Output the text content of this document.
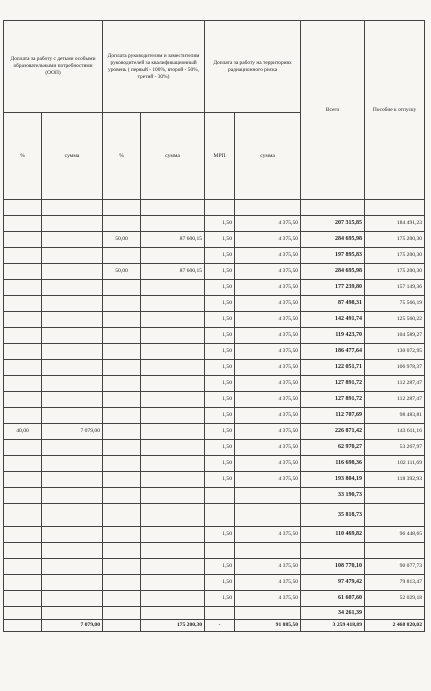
Доплата за работу с детьми особыми образовательными потребностями (ООП)		Доплата руководителям и заместителям руководителей за квалификационный уровень ( первый - 100%, второй - 50%, третий - 30%)		Доплата за работу на территориях радиационного риска		Всего	Пособие к отпуску
%	сумма	%	сумма	МРП	сумма		

				1,50	4 375,50	207 315,85	184 491,23
		50,00	87 600,15	1,50	4 375,50	284 695,98	175 200,30
				1,50	4 375,50	197 895,83	175 200,30
		50,00	87 600,15	1,50	4 375,50	284 695,98	175 200,30
				1,50	4 375,50	177 239,80	157 149,36
				1,50	4 375,50	87 498,31	75 566,19
				1,50	4 375,50	142 491,74	125 560,22
				1,50	4 375,50	119 423,70	104 589,27
				1,50	4 375,50	186 477,64	130 072,95
				1,50	4 375,50	122 051,71	106 978,37
				1,50	4 375,50	127 891,72	112 287,47
				1,50	4 375,50	127 891,72	112 287,47
				1,50	4 375,50	112 707,69	98 483,81
40,00	7 079,00			1,50	4 375,50	226 871,42	143 611,16
				1,50	4 375,50	62 970,27	53 267,97
				1,50	4 375,50	116 698,36	102 111,69
				1,50	4 375,50	193 804,19	118 392,93
						33 190,73	
						35 818,73	
				1,50	4 375,50	110 469,82	96 448,65

				1,50	4 375,50	108 770,10	90 077,73
				1,50	4 375,50	97 479,42	79 813,47
				1,50	4 375,50	61 607,60	52 029,18
						34 261,39	
	7 079,00		175 200,30	-	91 885,50	3 259 418,89	2 468 820,02
